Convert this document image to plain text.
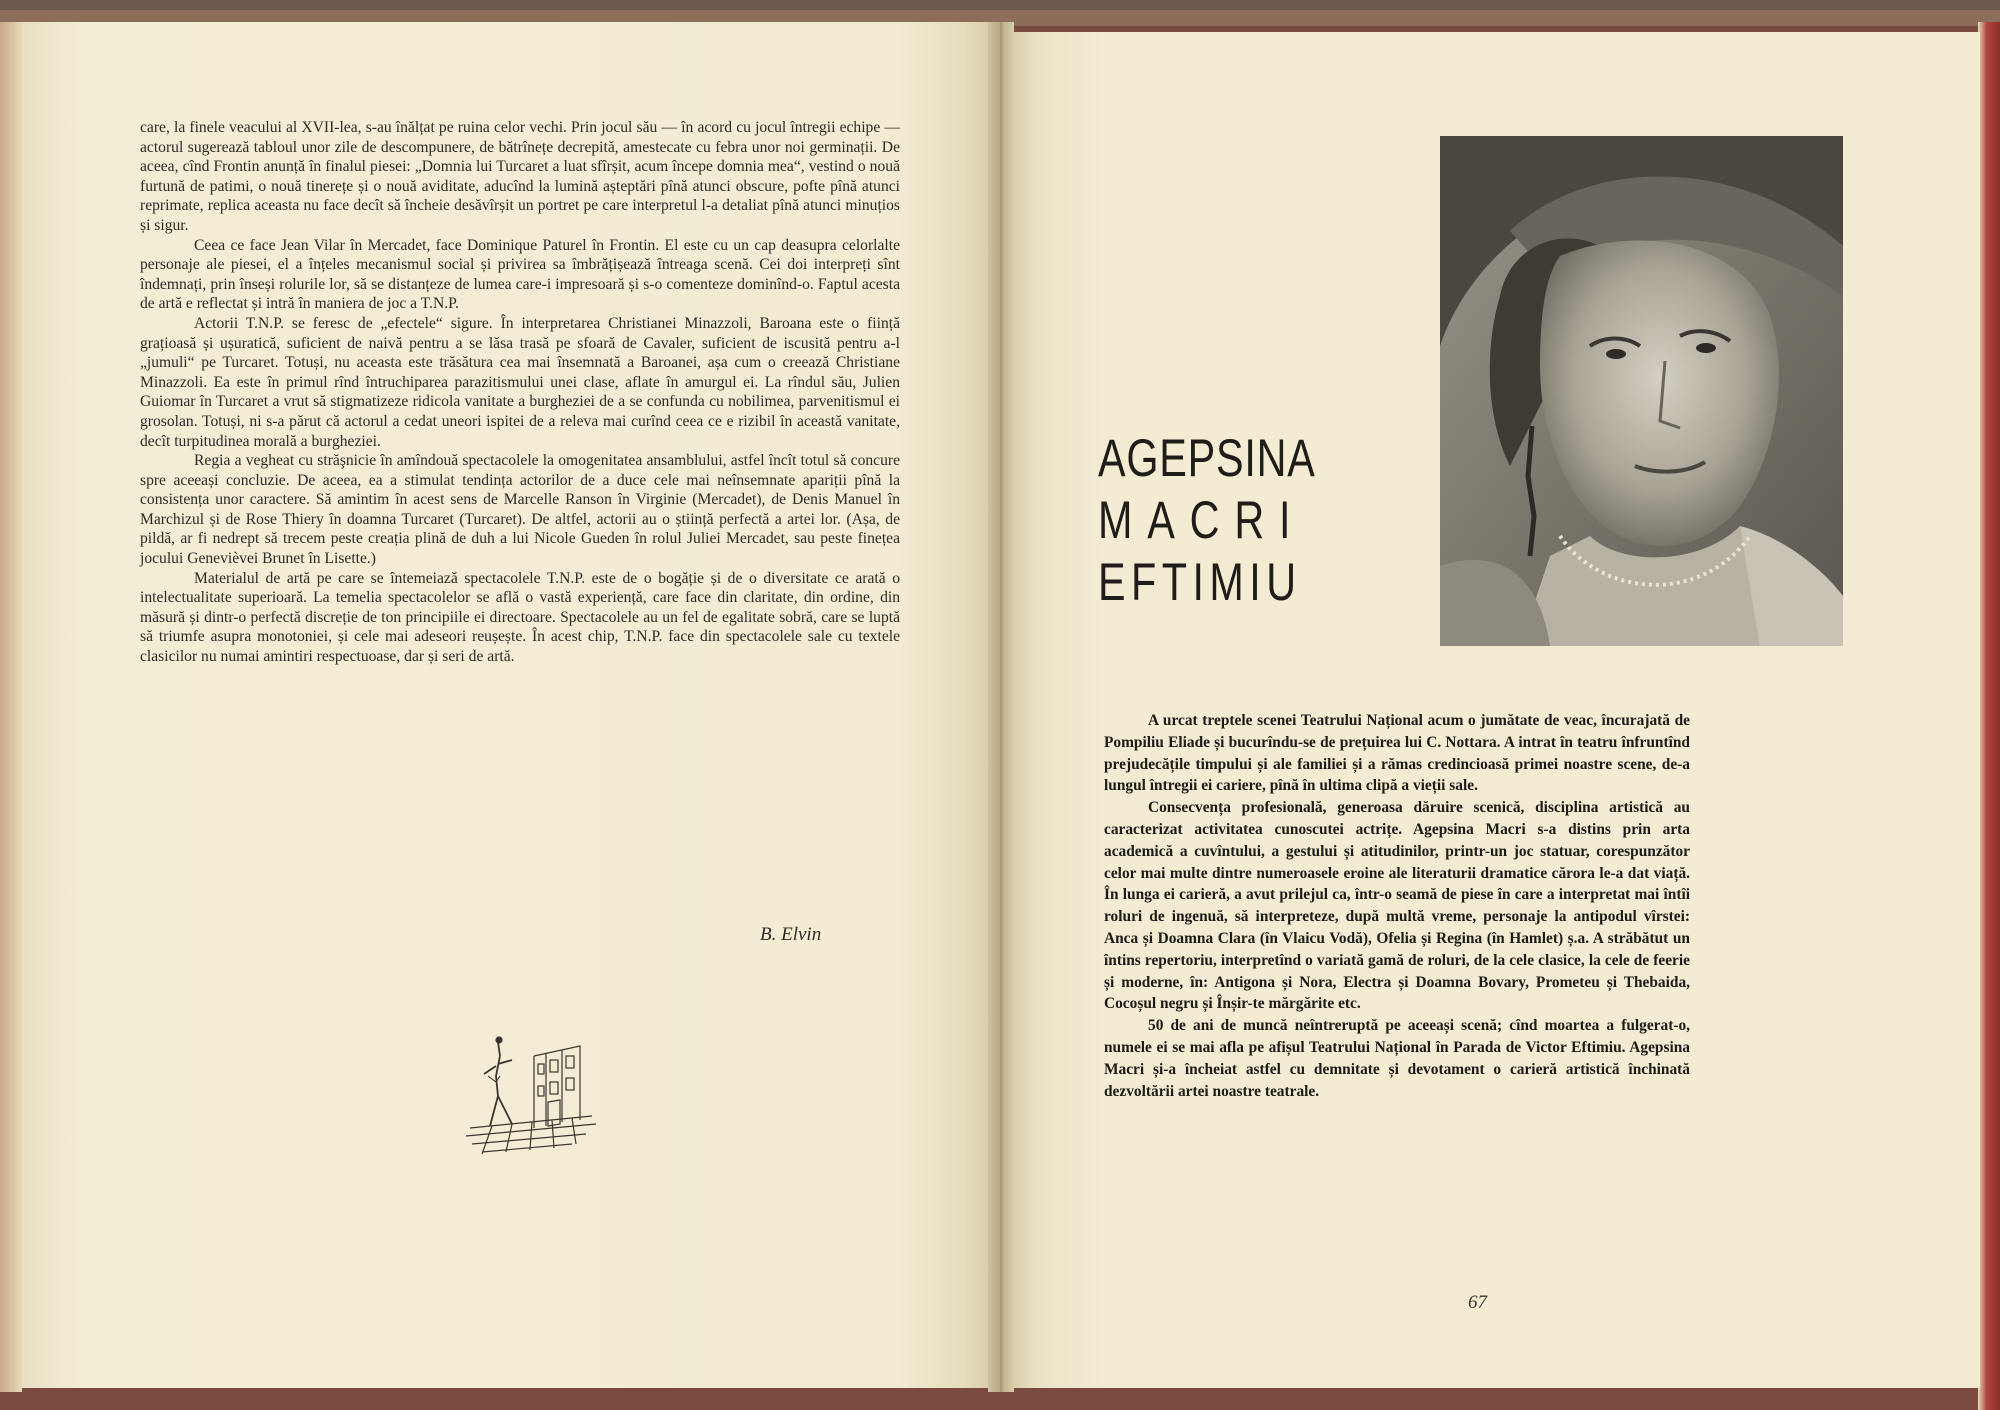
care, la finele veacului al XVII-lea, s-au înălțat pe ruina celor vechi. Prin jocul său — în acord cu jocul întregii echipe — actorul sugerează tabloul unor zile de descompunere, de bătrînețe decrepită, amestecate cu febra unor noi germinații. De aceea, cînd Frontin anunță în finalul piesei: „Domnia lui Turcaret a luat sfîrșit, acum începe domnia mea“, vestind o nouă furtună de patimi, o nouă tinerețe și o nouă aviditate, aducînd la lumină așteptări pînă atunci obscure, pofte pînă atunci reprimate, replica aceasta nu face decît să încheie desăvîrșit un portret pe care interpretul l-a detaliat pînă atunci minuțios și sigur.

Ceea ce face Jean Vilar în Mercadet, face Dominique Paturel în Frontin. El este cu un cap deasupra celorlalte personaje ale piesei, el a înțeles mecanismul social și privirea sa îmbrățișează întreaga scenă. Cei doi interpreți sînt îndemnați, prin înseși rolurile lor, să se distanțeze de lumea care-i impresoară și s-o comenteze dominînd-o. Faptul acesta de artă e reflectat și intră în maniera de joc a T.N.P.

Actorii T.N.P. se feresc de „efectele“ sigure. În interpretarea Christianei Minazzoli, Baroana este o ființă grațioasă și ușuratică, suficient de naivă pentru a se lăsa trasă pe sfoară de Cavaler, suficient de iscusită pentru a-l „jumuli“ pe Turcaret. Totuși, nu aceasta este trăsătura cea mai însemnată a Baroanei, așa cum o creează Christiane Minazzoli. Ea este în primul rînd întruchiparea parazitismului unei clase, aflate în amurgul ei. La rîndul său, Julien Guiomar în Turcaret a vrut să stigmatizeze ridicola vanitate a burgheziei de a se confunda cu nobilimea, parvenitismul ei grosolan. Totuși, ni s-a părut că actorul a cedat uneori ispitei de a releva mai curînd ceea ce e rizibil în această vanitate, decît turpitudinea morală a burgheziei.

Regia a vegheat cu străşnicie în amîndouă spectacolele la omogenitatea ansamblului, astfel încît totul să concure spre aceeași concluzie. De aceea, ea a stimulat tendința actorilor de a duce cele mai neînsemnate apariții pînă la consistența unor caractere. Să amintim în acest sens de Marcelle Ranson în Virginie (Mercadet), de Denis Manuel în Marchizul și de Rose Thiery în doamna Turcaret (Turcaret). De altfel, actorii au o știință perfectă a artei lor. (Așa, de pildă, ar fi nedrept să trecem peste creația plină de duh a lui Nicole Gueden în rolul Juliei Mercadet, sau peste finețea jocului Genevièvei Brunet în Lisette.)

Materialul de artă pe care se întemeiază spectacolele T.N.P. este de o bogăție și de o diversitate ce arată o intelectualitate superioară. La temelia spectacolelor se află o vastă experiență, care face din claritate, din ordine, din măsură și dintr-o perfectă discreție de ton principiile ei directoare. Spectacolele au un fel de egalitate sobră, care se luptă să triumfe asupra monotoniei, și cele mai adeseori reușește. În acest chip, T.N.P. face din spectacolele sale cu textele clasicilor nu numai amintiri respectuoase, dar și seri de artă.

B. Elvin
AGEPSINA
MACRI
EFTIMIU

A urcat treptele scenei Teatrului Național acum o jumătate de veac, încurajată de Pompiliu Eliade și bucurîndu-se de prețuirea lui C. Nottara. A intrat în teatru înfruntînd prejudecățile timpului și ale familiei și a rămas credincioasă primei noastre scene, de-a lungul întregii ei cariere, pînă în ultima clipă a vieții sale.

Consecvența profesională, generoasa dăruire scenică, disciplina artistică au caracterizat activitatea cunoscutei actrițe. Agepsina Macri s-a distins prin arta academică a cuvîntului, a gestului și atitudinilor, printr-un joc statuar, corespunzător celor mai multe dintre numeroasele eroine ale literaturii dramatice cărora le-a dat viață. În lunga ei carieră, a avut prilejul ca, într-o seamă de piese în care a interpretat mai întîi roluri de ingenuă, să interpreteze, după multă vreme, personaje la antipodul vîrstei: Anca și Doamna Clara (în Vlaicu Vodă), Ofelia și Regina (în Hamlet) ș.a. A străbătut un întins repertoriu, interpretînd o variată gamă de roluri, de la cele clasice, la cele de feerie și moderne, în: Antigona și Nora, Electra și Doamna Bovary, Prometeu și Thebaida, Cocoșul negru și Înșir-te mărgărite etc.

50 de ani de muncă neîntreruptă pe aceeași scenă; cînd moartea a fulgerat-o, numele ei se mai afla pe afișul Teatrului Național în Parada de Victor Eftimiu. Agepsina Macri și-a încheiat astfel cu demnitate și devotament o carieră artistică închinată dezvoltării artei noastre teatrale.

67
